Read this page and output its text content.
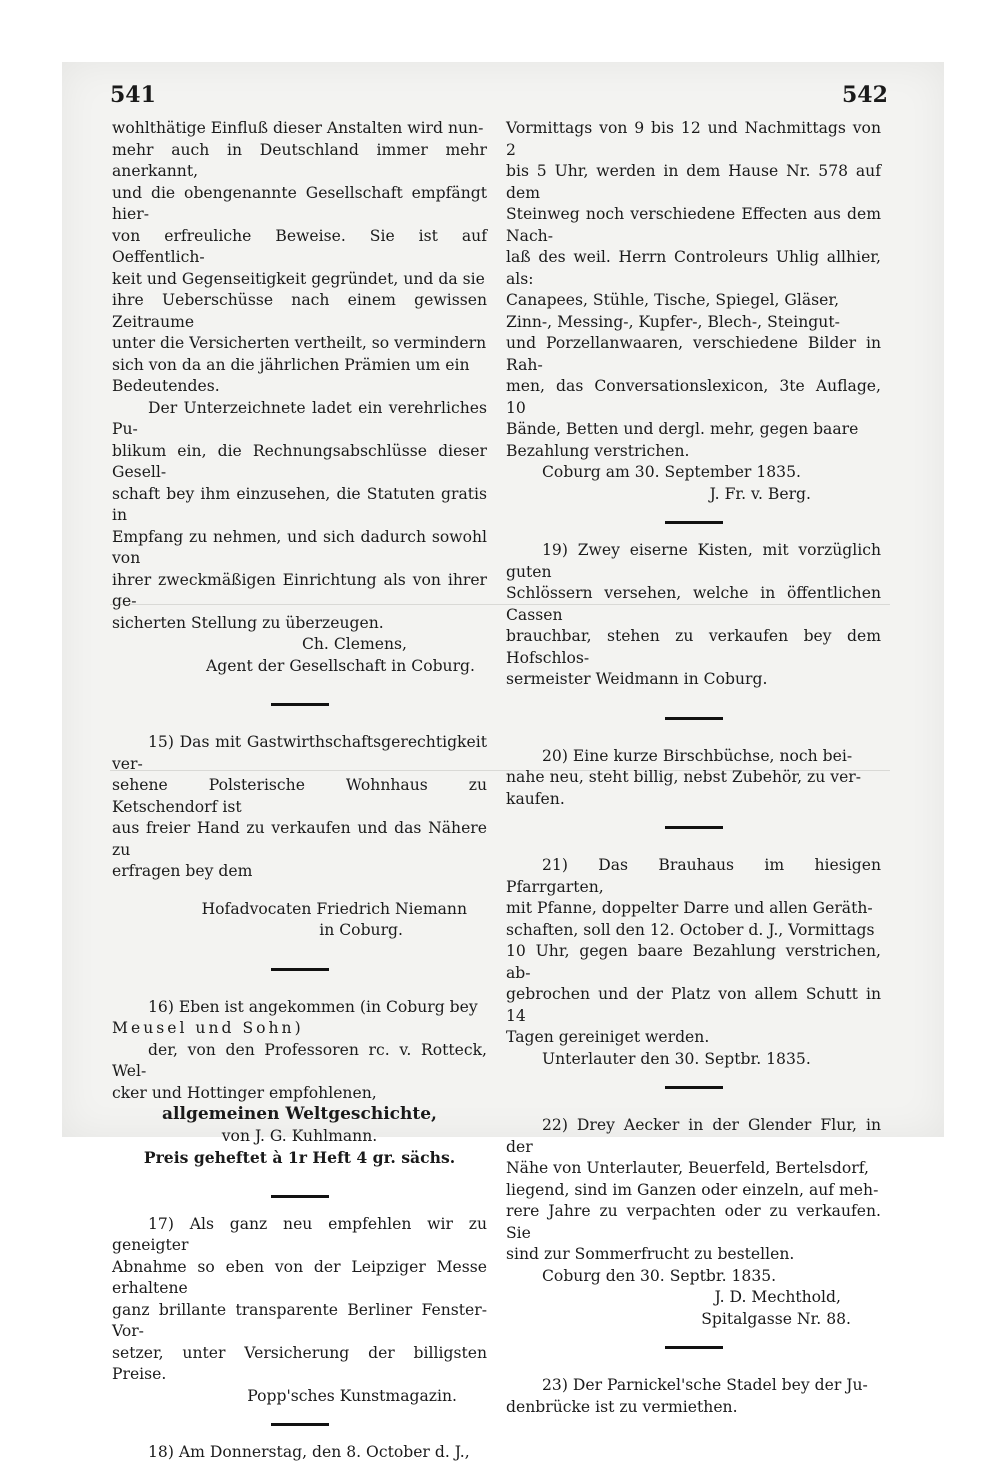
541	542

wohlthätige Einfluß dieser Anstalten wird nun-

mehr auch in Deutschland immer mehr anerkannt,

und die obengenannte Gesellschaft empfängt hier-

von erfreuliche Beweise. Sie ist auf Oeffentlich-

keit und Gegenseitigkeit gegründet, und da sie

ihre Ueberschüsse nach einem gewissen Zeitraume

unter die Versicherten vertheilt, so vermindern

sich von da an die jährlichen Prämien um ein

Bedeutendes.

Der Unterzeichnete ladet ein verehrliches Pu-

blikum ein, die Rechnungsabschlüsse dieser Gesell-

schaft bey ihm einzusehen, die Statuten gratis in

Empfang zu nehmen, und sich dadurch sowohl von

ihrer zweckmäßigen Einrichtung als von ihrer ge-

sicherten Stellung zu überzeugen.

Ch. Clemens,

Agent der Gesellschaft in Coburg.

15) Das mit Gastwirthschaftsgerechtigkeit ver-

sehene Polsterische Wohnhaus zu Ketschendorf ist

aus freier Hand zu verkaufen und das Nähere zu

erfragen bey dem

Hofadvocaten Friedrich Niemann

in Coburg.

16) Eben ist angekommen (in Coburg bey

Meusel und Sohn)

der, von den Professoren rc. v. Rotteck, Wel-

cker und Hottinger empfohlenen,

allgemeinen Weltgeschichte,

von J. G. Kuhlmann.

Preis geheftet à 1r Heft 4 gr. sächs.

17) Als ganz neu empfehlen wir zu geneigter

Abnahme so eben von der Leipziger Messe erhaltene

ganz brillante transparente Berliner Fenster-Vor-

setzer, unter Versicherung der billigsten Preise.

Popp'sches Kunstmagazin.

18) Am Donnerstag, den 8. October d. J.,

Vormittags von 9 bis 12 und Nachmittags von 2

bis 5 Uhr, werden in dem Hause Nr. 578 auf dem

Steinweg noch verschiedene Effecten aus dem Nach-

laß des weil. Herrn Controleurs Uhlig allhier, als:

Canapees, Stühle, Tische, Spiegel, Gläser,

Zinn-, Messing-, Kupfer-, Blech-, Steingut-

und Porzellanwaaren, verschiedene Bilder in Rah-

men, das Conversationslexicon, 3te Auflage, 10

Bände, Betten und dergl. mehr, gegen baare

Bezahlung verstrichen.

Coburg am 30. September 1835.

J. Fr. v. Berg.

19) Zwey eiserne Kisten, mit vorzüglich guten

Schlössern versehen, welche in öffentlichen Cassen

brauchbar, stehen zu verkaufen bey dem Hofschlos-

sermeister Weidmann in Coburg.

20) Eine kurze Birschbüchse, noch bei-

nahe neu, steht billig, nebst Zubehör, zu ver-

kaufen.

21) Das Brauhaus im hiesigen Pfarrgarten,

mit Pfanne, doppelter Darre und allen Geräth-

schaften, soll den 12. October d. J., Vormittags

10 Uhr, gegen baare Bezahlung verstrichen, ab-

gebrochen und der Platz von allem Schutt in 14

Tagen gereiniget werden.

Unterlauter den 30. Septbr. 1835.

22) Drey Aecker in der Glender Flur, in der

Nähe von Unterlauter, Beuerfeld, Bertelsdorf,

liegend, sind im Ganzen oder einzeln, auf meh-

rere Jahre zu verpachten oder zu verkaufen. Sie

sind zur Sommerfrucht zu bestellen.

Coburg den 30. Septbr. 1835.

J. D. Mechthold,

Spitalgasse Nr. 88.

23) Der Parnickel'sche Stadel bey der Ju-

denbrücke ist zu vermiethen.
